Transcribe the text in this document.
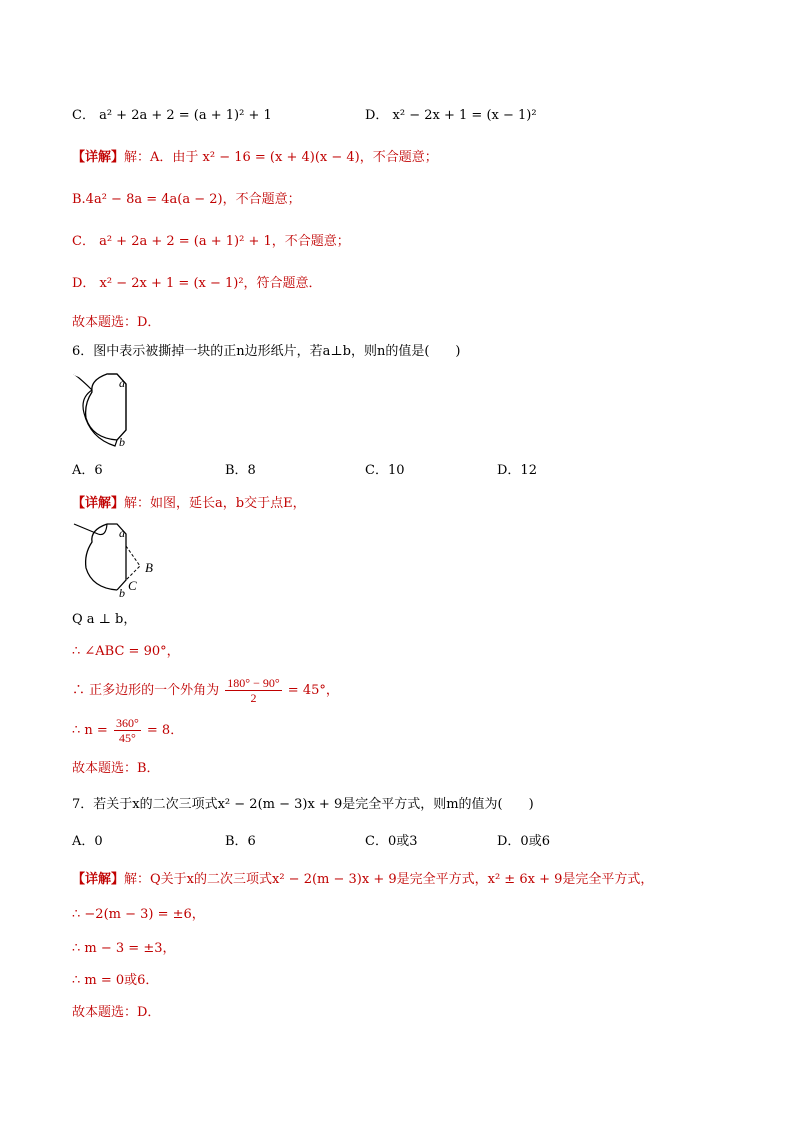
C． a² + 2a + 2 = (a + 1)² + 1	D． x² − 2x + 1 = (x − 1)²
【详解】解：A．由于 x² − 16 = (x + 4)(x − 4)，不合题意；
B.4a² − 8a = 4a(a − 2)，不合题意；
C． a² + 2a + 2 = (a + 1)² + 1，不合题意；
D． x² − 2x + 1 = (x − 1)²，符合题意．
故本题选：D．
6．图中表示被撕掉一块的正n边形纸片，若a⊥b，则n的值是(　　)
a
b
A．6	B．8	C．10	D．12
【详解】解：如图，延长a，b交于点E，
a
B
C
b
Q a ⊥ b，
∴ ∠ABC = 90°，
∴ 正多边形的一个外角为 $\frac{180^\circ - 90^\circ}{2} = 45^\circ$，
∴ $n = \frac{360^\circ}{45^\circ} = 8$．
故本题选：B．
7．若关于x的二次三项式x² − 2(m − 3)x + 9是完全平方式，则m的值为(　　)
A．0	B．6	C．0或3	D．0或6
【详解】解：Q关于x的二次三项式x² − 2(m − 3)x + 9是完全平方式，x² ± 6x + 9是完全平方式，
∴ −2(m − 3) = ±6，
∴ m − 3 = ±3，
∴ m = 0或6．
故本题选：D．
